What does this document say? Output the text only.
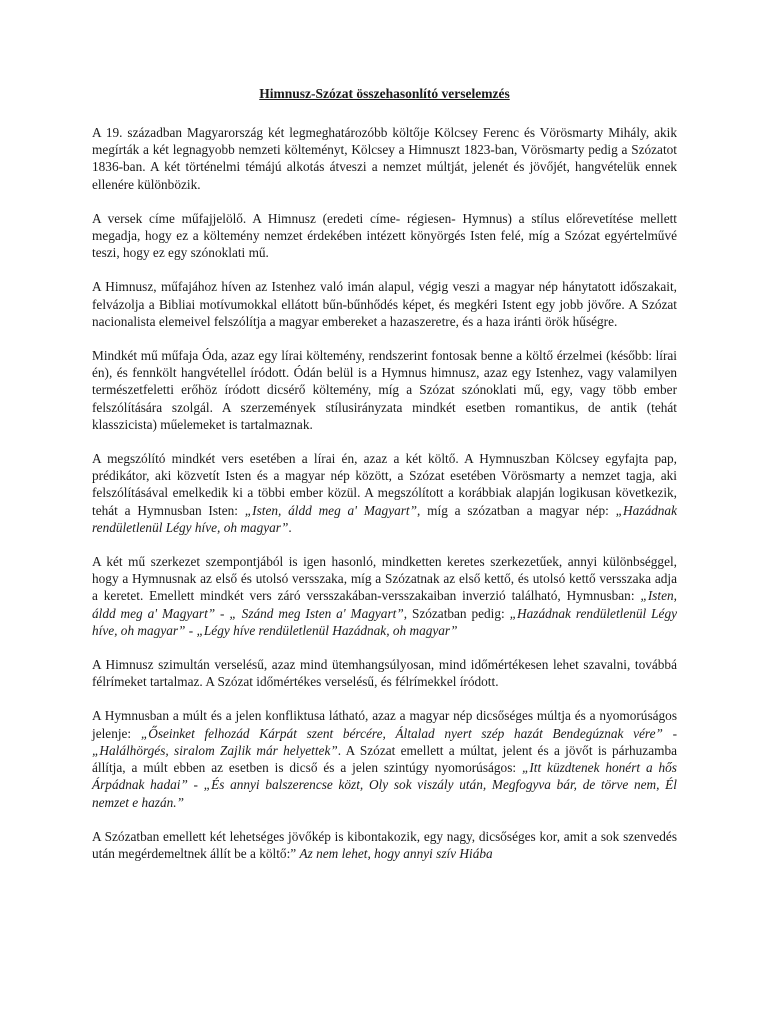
Himnusz-Szózat összehasonlító verselemzés

A 19. században Magyarország két legmeghatározóbb költője Kölcsey Ferenc és Vörösmarty Mihály, akik megírták a két legnagyobb nemzeti költeményt, Kölcsey a Himnuszt 1823-ban, Vörösmarty pedig a Szózatot 1836-ban. A két történelmi témájú alkotás átveszi a nemzet múltját, jelenét és jövőjét, hangvételük ennek ellenére különbözik.

A versek címe műfajjelölő. A Himnusz (eredeti címe- régiesen- Hymnus) a stílus előrevetítése mellett megadja, hogy ez a költemény nemzet érdekében intézett könyörgés Isten felé, míg a Szózat egyértelművé teszi, hogy ez egy szónoklati mű.

A Himnusz, műfajához híven az Istenhez való imán alapul, végig veszi a magyar nép hánytatott időszakait, felvázolja a Bibliai motívumokkal ellátott bűn-bűnhődés képet, és megkéri Istent egy jobb jövőre. A Szózat nacionalista elemeivel felszólítja a magyar embereket a hazaszeretre, és a haza iránti örök hűségre.

Mindkét mű műfaja Óda, azaz egy lírai költemény, rendszerint fontosak benne a költő érzelmei (később: lírai én), és fennkölt hangvétellel íródott. Ódán belül is a Hymnus himnusz, azaz egy Istenhez, vagy valamilyen természetfeletti erőhöz íródott dicsérő költemény, míg a Szózat szónoklati mű, egy, vagy több ember felszólítására szolgál. A szerzemények stílusirányzata mindkét esetben romantikus, de antik (tehát klasszicista) műelemeket is tartalmaznak.

A megszólító mindkét vers esetében a lírai én, azaz a két költő. A Hymnuszban Kölcsey egyfajta pap, prédikátor, aki közvetít Isten és a magyar nép között, a Szózat esetében Vörösmarty a nemzet tagja, aki felszólításával emelkedik ki a többi ember közül. A megszólított a korábbiak alapján logikusan következik, tehát a Hymnusban Isten: „Isten, áldd meg a' Magyart”, míg a szózatban a magyar nép: „Hazádnak rendületlenül Légy híve, oh magyar”.

A két mű szerkezet szempontjából is igen hasonló, mindketten keretes szerkezetűek, annyi különbséggel, hogy a Hymnusnak az első és utolsó versszaka, míg a Szózatnak az első kettő, és utolsó kettő versszaka adja a keretet. Emellett mindkét vers záró versszakában-versszakaiban inverzió található, Hymnusban: „Isten, áldd meg a' Magyart” - „ Szánd meg Isten a' Magyart”, Szózatban pedig: „Hazádnak rendületlenül Légy híve, oh magyar” - „Légy híve rendületlenül Hazádnak, oh magyar”

A Himnusz szimultán verselésű, azaz mind ütemhangsúlyosan, mind időmértékesen lehet szavalni, továbbá félrímeket tartalmaz. A Szózat időmértékes verselésű, és félrímekkel íródott.

A Hymnusban a múlt és a jelen konfliktusa látható, azaz a magyar nép dicsőséges múltja és a nyomorúságos jelenje: „Őseinket felhozád Kárpát szent bércére, Általad nyert szép hazát Bendegúznak vére” - „Halálhörgés, siralom Zajlik már helyettek”. A Szózat emellett a múltat, jelent és a jövőt is párhuzamba állítja, a múlt ebben az esetben is dicső és a jelen szintúgy nyomorúságos: „Itt küzdtenek honért a hős Árpádnak hadai” - „És annyi balszerencse közt, Oly sok viszály után, Megfogyva bár, de törve nem, Él nemzet e hazán.”

A Szózatban emellett két lehetséges jövőkép is kibontakozik, egy nagy, dicsőséges kor, amit a sok szenvedés után megérdemeltnek állít be a költő:” Az nem lehet, hogy annyi szív Hiába
